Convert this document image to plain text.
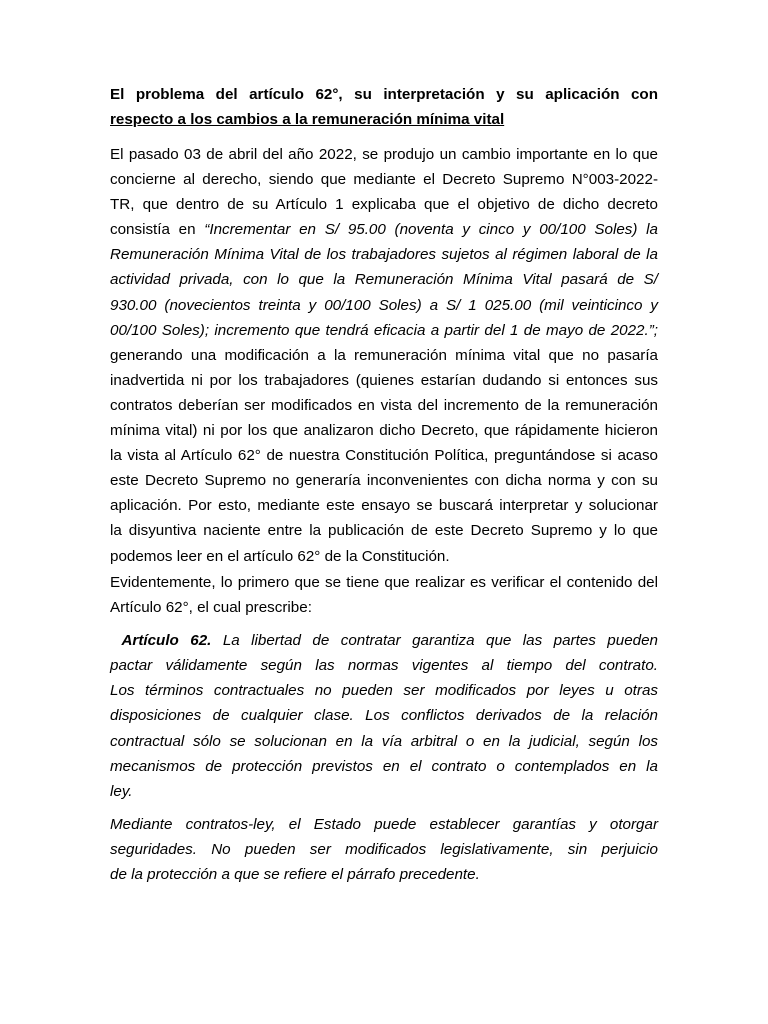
El problema del artículo 62°, su interpretación y su aplicación con
respecto a los cambios a la remuneración mínima vital
El pasado 03 de abril del año 2022, se produjo un cambio importante en lo que
concierne al derecho, siendo que mediante el Decreto Supremo N°003-2022-
TR, que dentro de su Artículo 1 explicaba que el objetivo de dicho decreto
consistía en “Incrementar en S/ 95.00 (noventa y cinco y 00/100 Soles) la
Remuneración Mínima Vital de los trabajadores sujetos al régimen laboral de la
actividad privada, con lo que la Remuneración Mínima Vital pasará de S/
930.00 (novecientos treinta y 00/100 Soles) a S/ 1 025.00 (mil veinticinco y
00/100 Soles); incremento que tendrá eficacia a partir del 1 de mayo de 2022.”;
generando una modificación a la remuneración mínima vital que no pasaría
inadvertida ni por los trabajadores (quienes estarían dudando si entonces sus
contratos deberían ser modificados en vista del incremento de la remuneración
mínima vital) ni por los que analizaron dicho Decreto, que rápidamente hicieron
la vista al Artículo 62° de nuestra Constitución Política, preguntándose si acaso
este Decreto Supremo no generaría inconvenientes con dicha norma y con su
aplicación. Por esto, mediante este ensayo se buscará interpretar y solucionar
la disyuntiva naciente entre la publicación de este Decreto Supremo y lo que
podemos leer en el artículo 62° de la Constitución.
Evidentemente, lo primero que se tiene que realizar es verificar el contenido del
Artículo 62°, el cual prescribe:
Artículo 62. La libertad de contratar garantiza que las partes pueden
pactar válidamente según las normas vigentes al tiempo del contrato.
Los términos contractuales no pueden ser modificados por leyes u otras
disposiciones de cualquier clase. Los conflictos derivados de la relación
contractual sólo se solucionan en la vía arbitral o en la judicial, según los
mecanismos de protección previstos en el contrato o contemplados en la
ley.
Mediante contratos-ley, el Estado puede establecer garantías y otorgar
seguridades. No pueden ser modificados legislativamente, sin perjuicio
de la protección a que se refiere el párrafo precedente.
